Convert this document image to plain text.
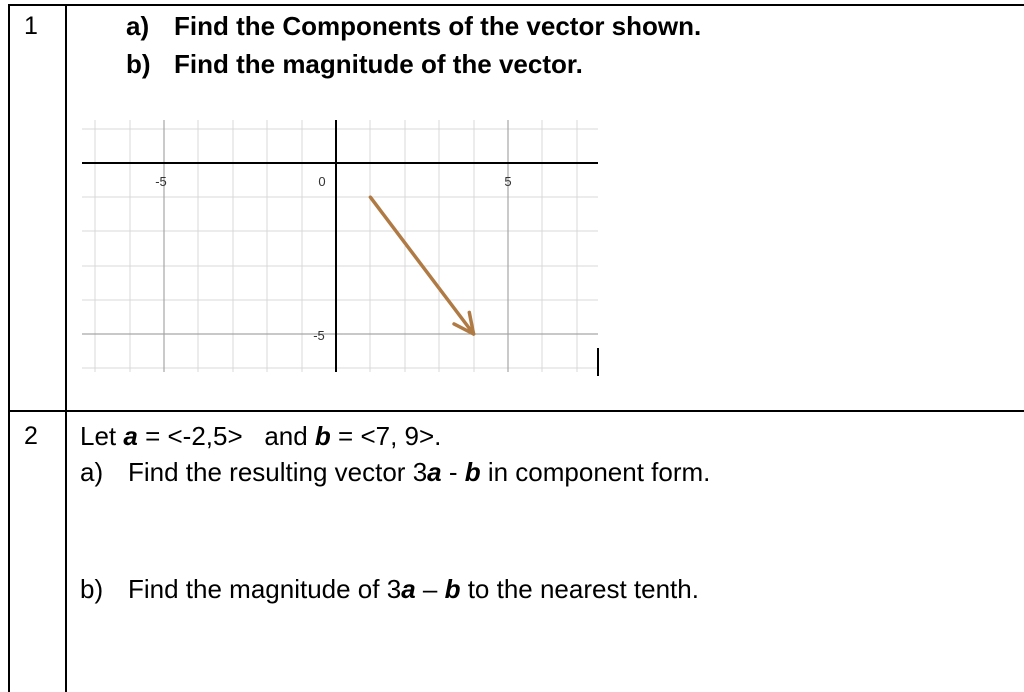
1	a) Find the Components of the vector shown.
b) Find the magnitude of the vector.
-5	0	5
-5
2 Let a = <-2,5>   and b = <7, 9>.
a) Find the resulting vector 3a - b in component form.
b) Find the magnitude of 3a – b to the nearest tenth.
